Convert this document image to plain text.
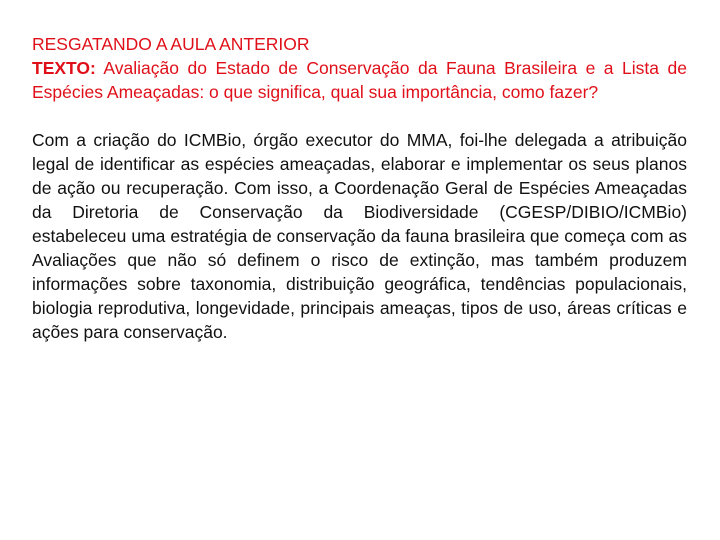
RESGATANDO A AULA ANTERIOR
TEXTO: Avaliação do Estado de Conservação da Fauna Brasileira e a Lista de Espécies Ameaçadas: o que significa, qual sua importância, como fazer?

Com a criação do ICMBio, órgão executor do MMA, foi-lhe delegada a atribuição legal de identificar as espécies ameaçadas, elaborar e implementar os seus planos de ação ou recuperação. Com isso, a Coordenação Geral de Espécies Ameaçadas da Diretoria de Conservação da Biodiversidade (CGESP/DIBIO/ICMBio) estabeleceu uma estratégia de conservação da fauna brasileira que começa com as Avaliações que não só definem o risco de extinção, mas também produzem informações sobre taxonomia, distribuição geográfica, tendências populacionais, biologia reprodutiva, longevidade, principais ameaças, tipos de uso, áreas críticas e ações para conservação.
